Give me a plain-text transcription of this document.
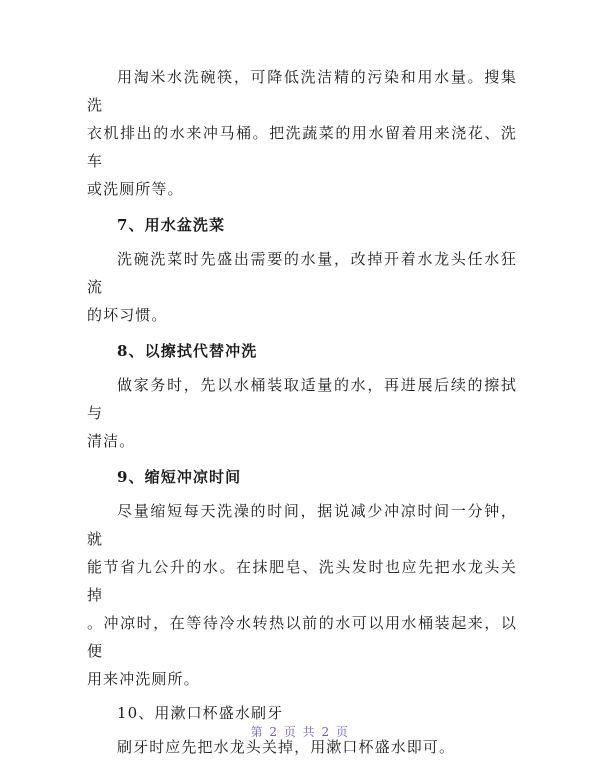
用淘米水洗碗筷，可降低洗洁精的污染和用水量。搜集洗

衣机排出的水来冲马桶。把洗蔬菜的用水留着用来浇花、洗车

或洗厕所等。

7、用水盆洗菜

洗碗洗菜时先盛出需要的水量，改掉开着水龙头任水狂流

的坏习惯。

8、以擦拭代替冲洗

做家务时，先以水桶装取适量的水，再进展后续的擦拭与

清洁。

9、缩短冲凉时间

尽量缩短每天洗澡的时间，据说减少冲凉时间一分钟，就

能节省九公升的水。在抹肥皂、洗头发时也应先把水龙头关掉

。冲凉时，在等待冷水转热以前的水可以用水桶装起来，以便

用来冲洗厕所。

10、用漱口杯盛水刷牙

刷牙时应先把水龙头关掉，用漱口杯盛水即可。

第 2 页 共 2 页
